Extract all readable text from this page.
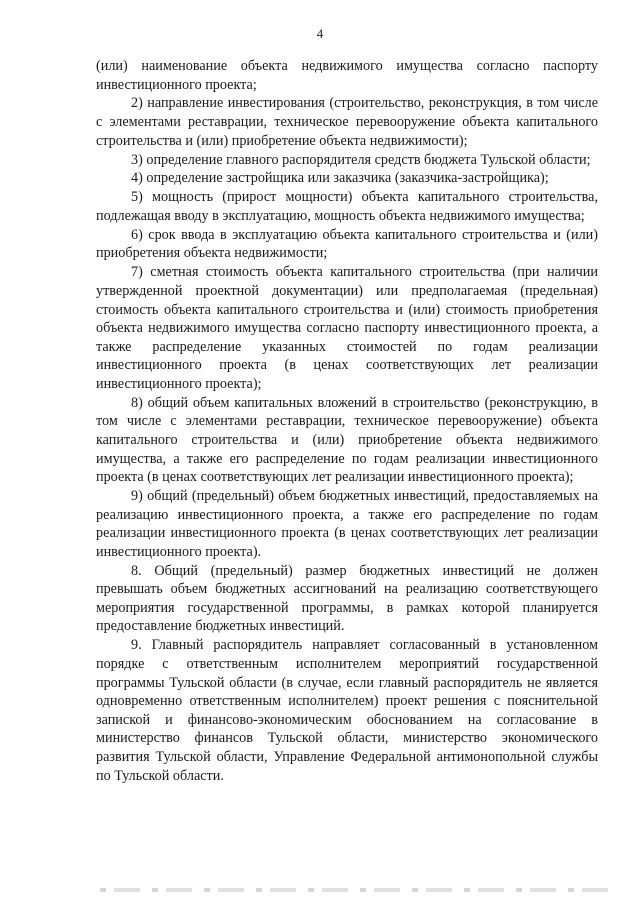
4

(или) наименование объекта недвижимого имущества согласно паспорту инвестиционного проекта;

2) направление инвестирования (строительство, реконструкция, в том числе с элементами реставрации, техническое перевооружение объекта капитального строительства и (или) приобретение объекта недвижимости);

3) определение главного распорядителя средств бюджета Тульской области;

4) определение застройщика или заказчика (заказчика-застройщика);

5) мощность (прирост мощности) объекта капитального строительства, подлежащая вводу в эксплуатацию, мощность объекта недвижимого имущества;

6) срок ввода в эксплуатацию объекта капитального строительства и (или) приобретения объекта недвижимости;

7) сметная стоимость объекта капитального строительства (при наличии утвержденной проектной документации) или предполагаемая (предельная) стоимость объекта капитального строительства и (или) стоимость приобретения объекта недвижимого имущества согласно паспорту инвестиционного проекта, а также распределение указанных стоимостей по годам реализации инвестиционного проекта (в ценах соответствующих лет реализации инвестиционного проекта);

8) общий объем капитальных вложений в строительство (реконструкцию, в том числе с элементами реставрации, техническое перевооружение) объекта капитального строительства и (или) приобретение объекта недвижимого имущества, а также его распределение по годам реализации инвестиционного проекта (в ценах соответствующих лет реализации инвестиционного проекта);

9) общий (предельный) объем бюджетных инвестиций, предоставляемых на реализацию инвестиционного проекта, а также его распределение по годам реализации инвестиционного проекта (в ценах соответствующих лет реализации инвестиционного проекта).

8. Общий (предельный) размер бюджетных инвестиций не должен превышать объем бюджетных ассигнований на реализацию соответствующего мероприятия государственной программы, в рамках которой планируется предоставление бюджетных инвестиций.

9. Главный распорядитель направляет согласованный в установленном порядке с ответственным исполнителем мероприятий государственной программы Тульской области (в случае, если главный распорядитель не является одновременно ответственным исполнителем) проект решения с пояснительной запиской и финансово-экономическим обоснованием на согласование в министерство финансов Тульской области, министерство экономического развития Тульской области, Управление Федеральной антимонопольной службы по Тульской области.
